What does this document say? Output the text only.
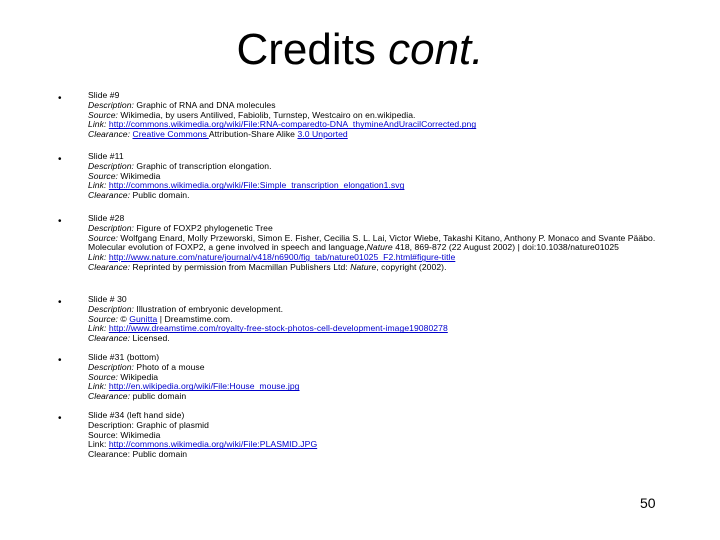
Credits cont.
•	Slide #9
Description: Graphic of RNA and DNA molecules
Source: Wikimedia, by users Antilived, Fabiolib, Turnstep, Westcairo on en.wikipedia.
Link: http://commons.wikimedia.org/wiki/File:RNA-comparedto-DNA_thymineAndUracilCorrected.png
Clearance: Creative Commons Attribution-Share Alike 3.0 Unported
•	Slide #11
Description: Graphic of transcription elongation.
Source: Wikimedia
Link: http://commons.wikimedia.org/wiki/File:Simple_transcription_elongation1.svg
Clearance: Public domain.
•	Slide #28
Description: Figure of FOXP2 phylogenetic Tree
Source: Wolfgang Enard, Molly Przeworski, Simon E. Fisher, Cecilia S. L. Lai, Victor Wiebe, Takashi Kitano, Anthony P. Monaco and Svante Pääbo. Molecular evolution of FOXP2, a gene involved in speech and language,Nature 418, 869-872 (22 August 2002) | doi:10.1038/nature01025
Link: http://www.nature.com/nature/journal/v418/n6900/fig_tab/nature01025_F2.html#figure-title
Clearance: Reprinted by permission from Macmillan Publishers Ltd: Nature, copyright (2002).
•	Slide # 30
Description: Illustration of embryonic development.
Source: © Gunitta | Dreamstime.com.
Link: http://www.dreamstime.com/royalty-free-stock-photos-cell-development-image19080278
Clearance: Licensed.
•	Slide #31 (bottom)
Description: Photo of a mouse
Source: Wikipedia
Link: http://en.wikipedia.org/wiki/File:House_mouse.jpg
Clearance: public domain
•	Slide #34 (left hand side)
Description: Graphic of plasmid
Source: Wikimedia
Link: http://commons.wikimedia.org/wiki/File:PLASMID.JPG
Clearance: Public domain
50
